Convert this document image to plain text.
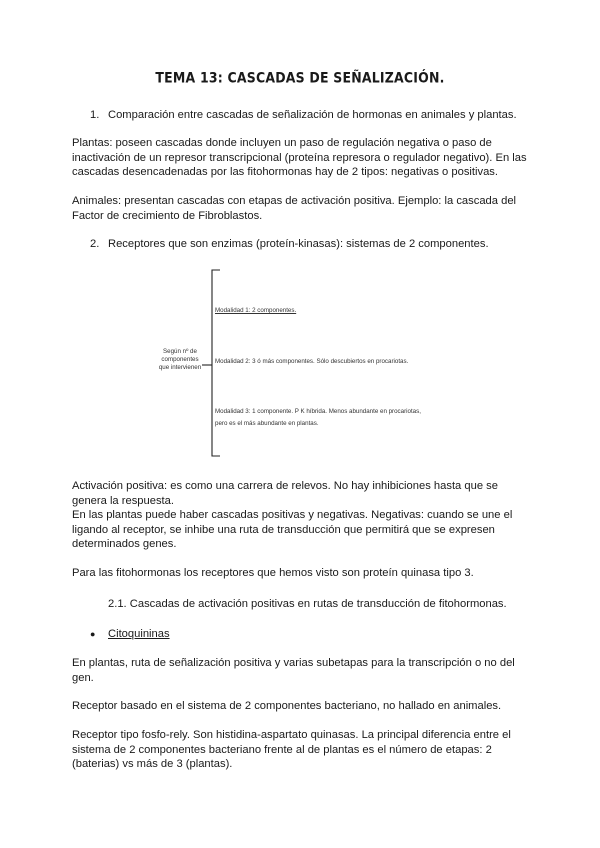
TEMA 13: CASCADAS DE SEÑALIZACIÓN.
1. Comparación entre cascadas de señalización de hormonas en animales y plantas.
Plantas: poseen cascadas donde incluyen un paso de regulación negativa o paso de
inactivación de un represor transcripcional (proteína represora o regulador negativo). En las
cascadas desencadenadas por las fitohormonas hay de 2 tipos: negativas o positivas.
Animales: presentan cascadas con etapas de activación positiva. Ejemplo: la cascada del
Factor de crecimiento de Fibroblastos.
2. Receptores que son enzimas (proteín-kinasas): sistemas de 2 componentes.
Según nº de
componentes
que intervienen
Modalidad 1: 2 componentes.
Modalidad 2: 3 ó más componentes. Sólo descubiertos en procariotas.
Modalidad 3: 1 componente. P K híbrida. Menos abundante en procariotas,
pero es el más abundante en plantas.
Activación positiva: es como una carrera de relevos. No hay inhibiciones hasta que se
genera la respuesta.
En las plantas puede haber cascadas positivas y negativas. Negativas: cuando se une el
ligando al receptor, se inhibe una ruta de transducción que permitirá que se expresen
determinados genes.
Para las fitohormonas los receptores que hemos visto son proteín quinasa tipo 3.
2.1. Cascadas de activación positivas en rutas de transducción de fitohormonas.
● Citoquininas
En plantas, ruta de señalización positiva y varias subetapas para la transcripción o no del
gen.
Receptor basado en el sistema de 2 componentes bacteriano, no hallado en animales.
Receptor tipo fosfo-rely. Son histidina-aspartato quinasas. La principal diferencia entre el
sistema de 2 componentes bacteriano frente al de plantas es el número de etapas: 2
(baterias) vs más de 3 (plantas).
